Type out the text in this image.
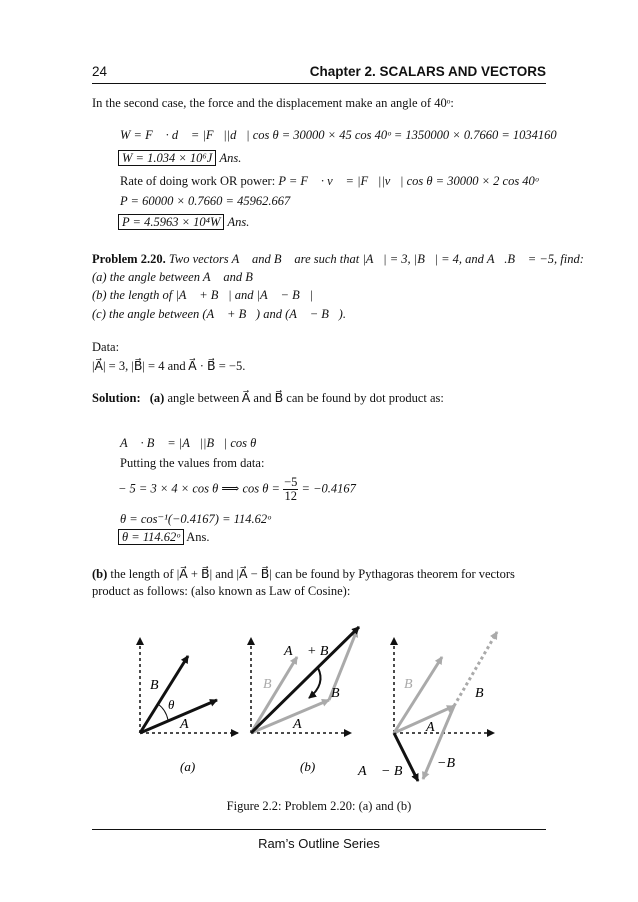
24	Chapter 2. SCALARS AND VECTORS
In the second case, the force and the displacement make an angle of 40ᵒ:
W = F⃗ · d⃗ = |F⃗||d⃗| cos θ = 30000 × 45 cos 40ᵒ = 1350000 × 0.7660 = 1034160
W = 1.034 × 10⁶J Ans.
Rate of doing work OR power: P = F⃗ · v⃗ = |F⃗||v⃗| cos θ = 30000 × 2 cos 40ᵒ
P = 60000 × 0.7660 = 45962.667
P = 4.5963 × 10⁴W Ans.
Problem 2.20. Two vectors A⃗ and B⃗ are such that |A⃗| = 3, |B⃗| = 4, and A⃗.B⃗ = −5, find:
(a) the angle between A⃗ and B⃗
(b) the length of |A⃗ + B⃗| and |A⃗ − B⃗|
(c) the angle between (A⃗ + B⃗) and (A⃗ − B⃗).
Data:
|A⃗| = 3, |B⃗| = 4 and A⃗ · B⃗ = −5.
Solution: (a) angle between A⃗ and B⃗ can be found by dot product as:
A⃗ · B⃗ = |A⃗||B⃗| cos θ
Putting the values from data:
− 5 = 3 × 4 × cos θ ⟹ $\cos \theta = \frac{-5}{12} = -0.4167$
θ = cos⁻¹(−0.4167) = 114.62ᵒ
θ = 114.62ᵒ Ans.
(b) the length of |A⃗ + B⃗| and |A⃗ − B⃗| can be found by Pythagoras theorem for vectors
product as follows: (also known as Law of Cosine):
B⃗
θ
A⃗
(a)
A⃗ + B⃗
B⃗
B⃗
A⃗
(b)
B⃗
B⃗
A⃗
A⃗ − B⃗
−B⃗
Figure 2.2: Problem 2.20: (a) and (b)
Ram’s Outline Series
